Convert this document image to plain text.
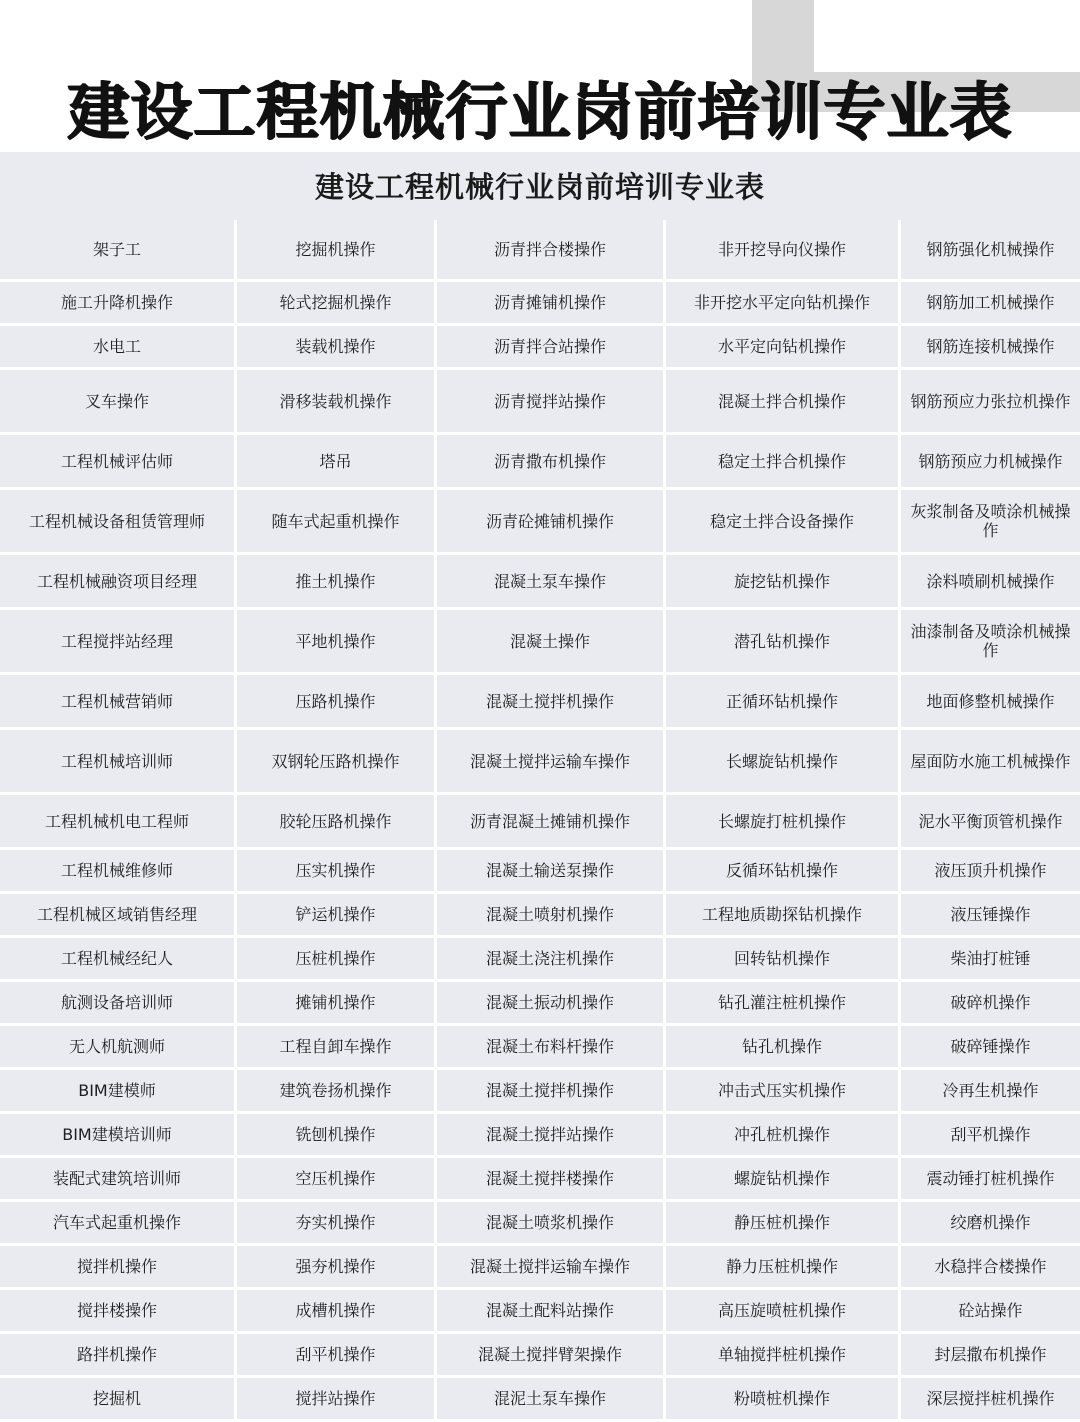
建设工程机械行业岗前培训专业表
建设工程机械行业岗前培训专业表
架子工	挖掘机操作	沥青拌合楼操作	非开挖导向仪操作	钢筋强化机械操作
施工升降机操作	轮式挖掘机操作	沥青摊铺机操作	非开挖水平定向钻机操作	钢筋加工机械操作
水电工	装载机操作	沥青拌合站操作	水平定向钻机操作	钢筋连接机械操作
叉车操作	滑移装载机操作	沥青搅拌站操作	混凝土拌合机操作	钢筋预应力张拉机操作
工程机械评估师	塔吊	沥青撒布机操作	稳定土拌合机操作	钢筋预应力机械操作
工程机械设备租赁管理师	随车式起重机操作	沥青砼摊铺机操作	稳定土拌合设备操作	灰浆制备及喷涂机械操作
工程机械融资项目经理	推土机操作	混凝土泵车操作	旋挖钻机操作	涂料喷刷机械操作
工程搅拌站经理	平地机操作	混凝土操作	潜孔钻机操作	油漆制备及喷涂机械操作
工程机械营销师	压路机操作	混凝土搅拌机操作	正循环钻机操作	地面修整机械操作
工程机械培训师	双钢轮压路机操作	混凝土搅拌运输车操作	长螺旋钻机操作	屋面防水施工机械操作
工程机械机电工程师	胶轮压路机操作	沥青混凝土摊铺机操作	长螺旋打桩机操作	泥水平衡顶管机操作
工程机械维修师	压实机操作	混凝土输送泵操作	反循环钻机操作	液压顶升机操作
工程机械区域销售经理	铲运机操作	混凝土喷射机操作	工程地质勘探钻机操作	液压锤操作
工程机械经纪人	压桩机操作	混凝土浇注机操作	回转钻机操作	柴油打桩锤
航测设备培训师	摊铺机操作	混凝土振动机操作	钻孔灌注桩机操作	破碎机操作
无人机航测师	工程自卸车操作	混凝土布料杆操作	钻孔机操作	破碎锤操作
BIM建模师	建筑卷扬机操作	混凝土搅拌机操作	冲击式压实机操作	冷再生机操作
BIM建模培训师	铣刨机操作	混凝土搅拌站操作	冲孔桩机操作	刮平机操作
装配式建筑培训师	空压机操作	混凝土搅拌楼操作	螺旋钻机操作	震动锤打桩机操作
汽车式起重机操作	夯实机操作	混凝土喷浆机操作	静压桩机操作	绞磨机操作
搅拌机操作	强夯机操作	混凝土搅拌运输车操作	静力压桩机操作	水稳拌合楼操作
搅拌楼操作	成槽机操作	混凝土配料站操作	高压旋喷桩机操作	砼站操作
路拌机操作	刮平机操作	混凝土搅拌臂架操作	单轴搅拌桩机操作	封层撒布机操作
挖掘机	搅拌站操作	混泥土泵车操作	粉喷桩机操作	深层搅拌桩机操作
